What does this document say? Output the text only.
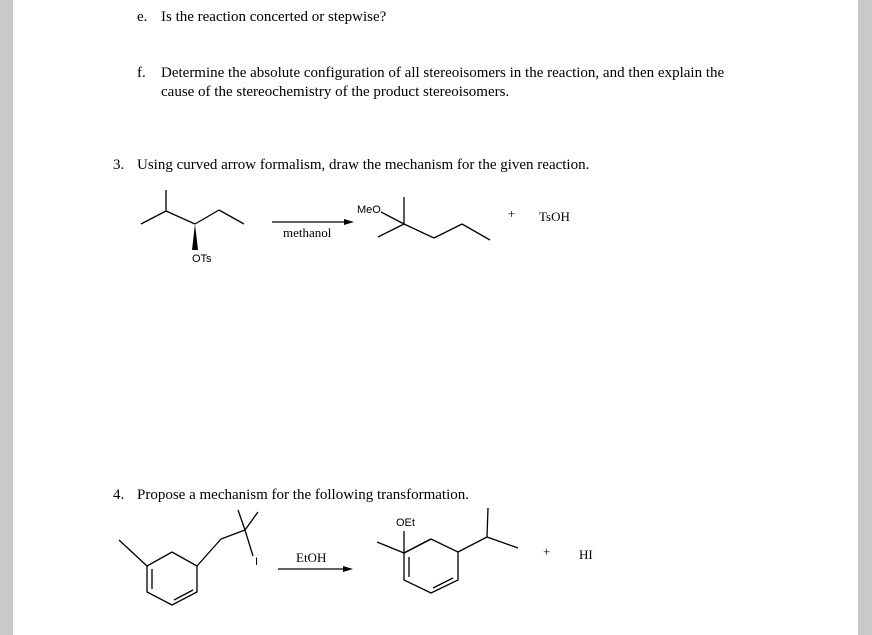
e. Is the reaction concerted or stepwise?
f. Determine the absolute configuration of all stereoisomers in the reaction, and then explain the
cause of the stereochemistry of the product stereoisomers.
3. Using curved arrow formalism, draw the mechanism for the given reaction.
4. Propose a mechanism for the following transformation.
OTs
methanol
MeO	+ TsOH
I	EtOH
OEt
+ HI
